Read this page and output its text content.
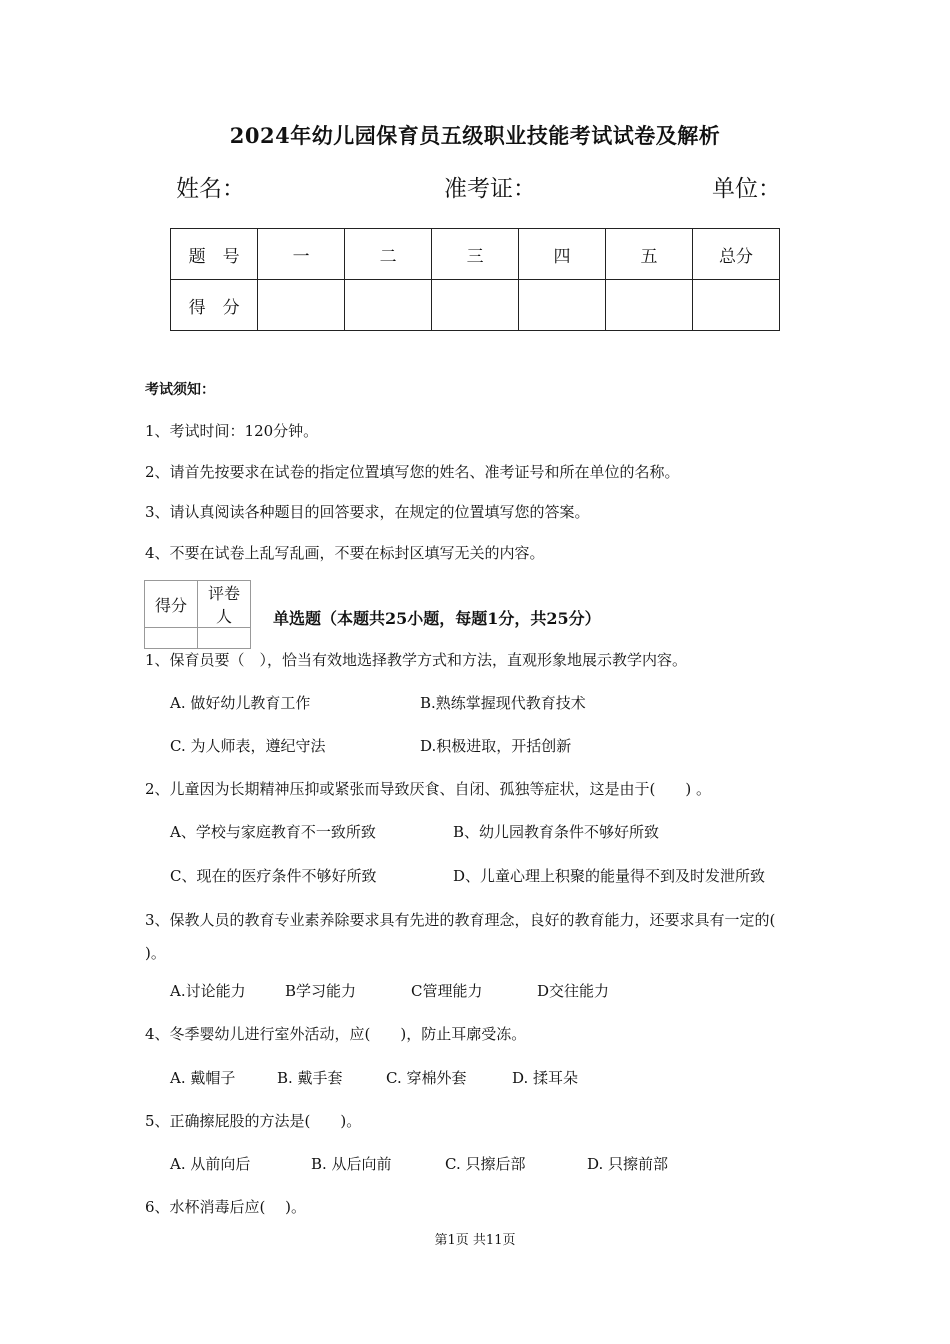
2024年幼儿园保育员五级职业技能考试试卷及解析
姓名：	准考证：	单位：
题　号	一	二	三	四	五	总分
得　分						
考试须知：
1、考试时间：120分钟。
2、请首先按要求在试卷的指定位置填写您的姓名、准考证号和所在单位的名称。
3、请认真阅读各种题目的回答要求，在规定的位置填写您的答案。
4、不要在试卷上乱写乱画，不要在标封区填写无关的内容。
得分	评卷人
		单选题（本题共25小题，每题1分，共25分）
1、保育员要（　），恰当有效地选择教学方式和方法，直观形象地展示教学内容。
A. 做好幼儿教育工作	B.熟练掌握现代教育技术
C. 为人师表，遵纪守法	D.积极进取，开括创新
2、儿童因为长期精神压抑或紧张而导致厌食、自闭、孤独等症状，这是由于(　　) 。
A、学校与家庭教育不一致所致	B、幼儿园教育条件不够好所致
C、现在的医疗条件不够好所致	D、儿童心理上积聚的能量得不到及时发泄所致
3、保教人员的教育专业素养除要求具有先进的教育理念，良好的教育能力，还要求具有一定的(　 )。
A.讨论能力	B学习能力	C管理能力	D交往能力
4、冬季婴幼儿进行室外活动，应(　　)，防止耳廓受冻。
A. 戴帽子	B. 戴手套	C. 穿棉外套	D. 揉耳朵
5、正确擦屁股的方法是(　　)。
A. 从前向后	B. 从后向前	C. 只擦后部	D. 只擦前部
6、水杯消毒后应(　 )。
第1页 共11页
